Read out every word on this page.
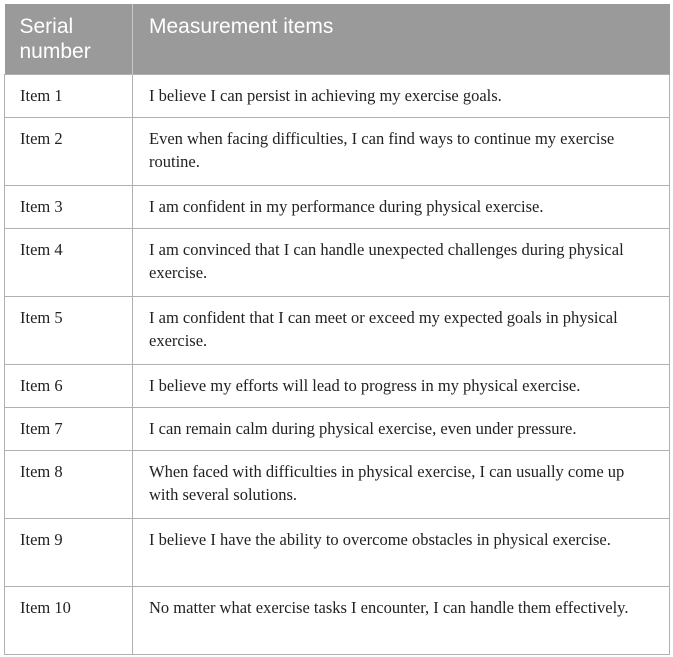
Serial number	Measurement items
Item 1	I believe I can persist in achieving my exercise goals.
Item 2	Even when facing difficulties, I can find ways to continue my exercise routine.
Item 3	I am confident in my performance during physical exercise.
Item 4	I am convinced that I can handle unexpected challenges during physical exercise.
Item 5	I am confident that I can meet or exceed my expected goals in physical exercise.
Item 6	I believe my efforts will lead to progress in my physical exercise.
Item 7	I can remain calm during physical exercise, even under pressure.
Item 8	When faced with difficulties in physical exercise, I can usually come up with several solutions.
Item 9	I believe I have the ability to overcome obstacles in physical exercise.
Item 10	No matter what exercise tasks I encounter, I can handle them effectively.
